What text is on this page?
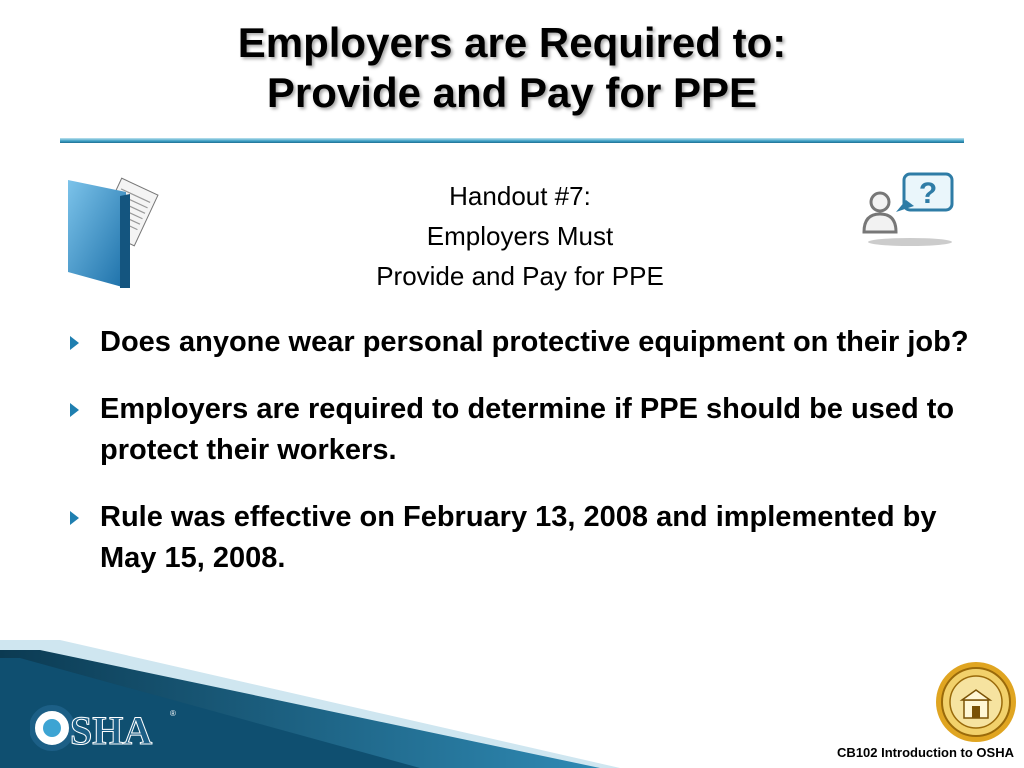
Employers are Required to:
Provide and Pay for PPE
Handout #7:
Employers Must
Provide and Pay for PPE
?
Does anyone wear personal protective equipment on their job?
Employers are required to determine if PPE should be used to protect their workers.
Rule was effective on February 13, 2008 and implemented by May 15, 2008.
SHA ®
CB102 Introduction to OSHA
